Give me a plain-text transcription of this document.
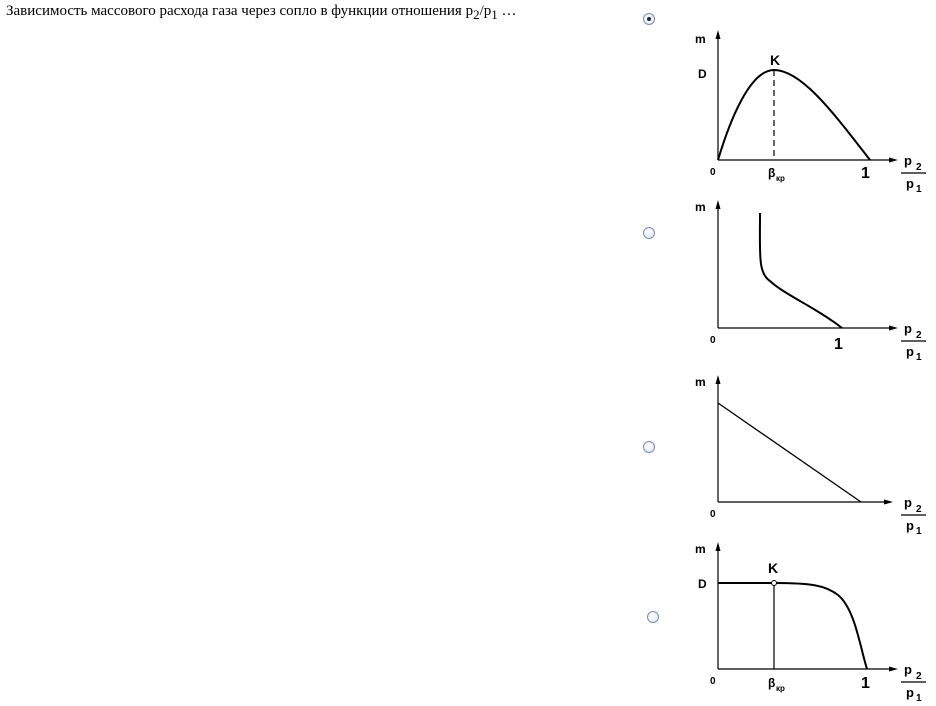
Зависимость массового расхода газа через сопло в функции отношения $p_2/p_1$ …
m
D
K
0	β кр	1
p 2
p 1
m
0	1
p 2
p 1
m
0
p 2
p 1
m
D
K
0	β кр	1
p 2
p 1
